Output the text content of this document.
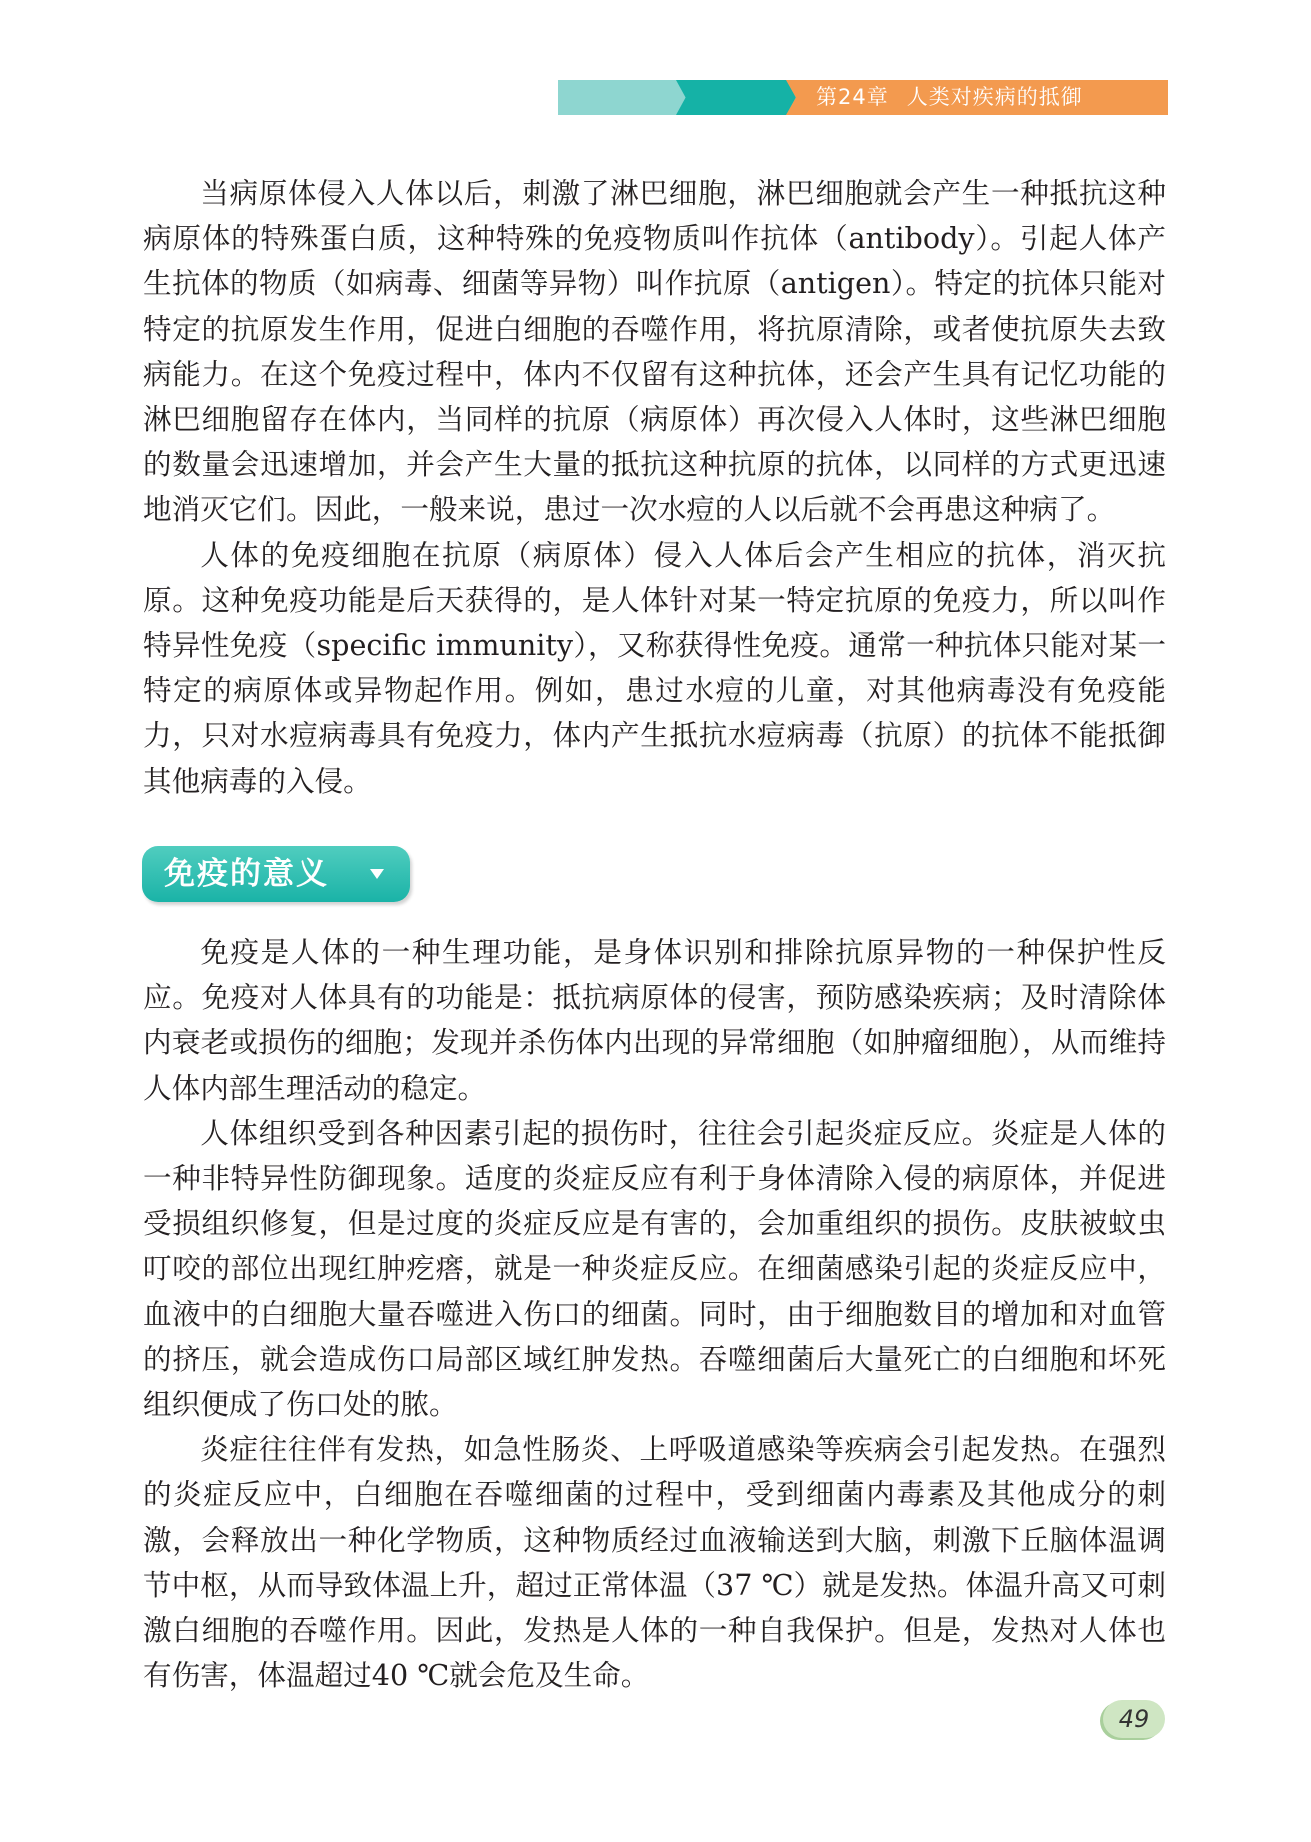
第24章 人类对疾病的抵御

当病原体侵入人体以后，刺激了淋巴细胞，淋巴细胞就会产生一种抵抗这种病原体的特殊蛋白质，这种特殊的免疫物质叫作抗体（antibody）。引起人体产生抗体的物质（如病毒、细菌等异物）叫作抗原（antigen）。特定的抗体只能对特定的抗原发生作用，促进白细胞的吞噬作用，将抗原清除，或者使抗原失去致病能力。在这个免疫过程中，体内不仅留有这种抗体，还会产生具有记忆功能的淋巴细胞留存在体内，当同样的抗原（病原体）再次侵入人体时，这些淋巴细胞的数量会迅速增加，并会产生大量的抵抗这种抗原的抗体，以同样的方式更迅速地消灭它们。因此，一般来说，患过一次水痘的人以后就不会再患这种病了。

人体的免疫细胞在抗原（病原体）侵入人体后会产生相应的抗体，消灭抗原。这种免疫功能是后天获得的，是人体针对某一特定抗原的免疫力，所以叫作特异性免疫（specific immunity），又称获得性免疫。通常一种抗体只能对某一特定的病原体或异物起作用。例如，患过水痘的儿童，对其他病毒没有免疫能力，只对水痘病毒具有免疫力，体内产生抵抗水痘病毒（抗原）的抗体不能抵御其他病毒的入侵。

免疫的意义

免疫是人体的一种生理功能，是身体识别和排除抗原异物的一种保护性反应。免疫对人体具有的功能是：抵抗病原体的侵害，预防感染疾病；及时清除体内衰老或损伤的细胞；发现并杀伤体内出现的异常细胞（如肿瘤细胞），从而维持人体内部生理活动的稳定。

人体组织受到各种因素引起的损伤时，往往会引起炎症反应。炎症是人体的一种非特异性防御现象。适度的炎症反应有利于身体清除入侵的病原体，并促进受损组织修复，但是过度的炎症反应是有害的，会加重组织的损伤。皮肤被蚊虫叮咬的部位出现红肿疙瘩，就是一种炎症反应。在细菌感染引起的炎症反应中，血液中的白细胞大量吞噬进入伤口的细菌。同时，由于细胞数目的增加和对血管的挤压，就会造成伤口局部区域红肿发热。吞噬细菌后大量死亡的白细胞和坏死组织便成了伤口处的脓。

炎症往往伴有发热，如急性肠炎、上呼吸道感染等疾病会引起发热。在强烈的炎症反应中，白细胞在吞噬细菌的过程中，受到细菌内毒素及其他成分的刺激，会释放出一种化学物质，这种物质经过血液输送到大脑，刺激下丘脑体温调节中枢，从而导致体温上升，超过正常体温（37 ℃）就是发热。体温升高又可刺激白细胞的吞噬作用。因此，发热是人体的一种自我保护。但是，发热对人体也有伤害，体温超过40 ℃就会危及生命。

49
